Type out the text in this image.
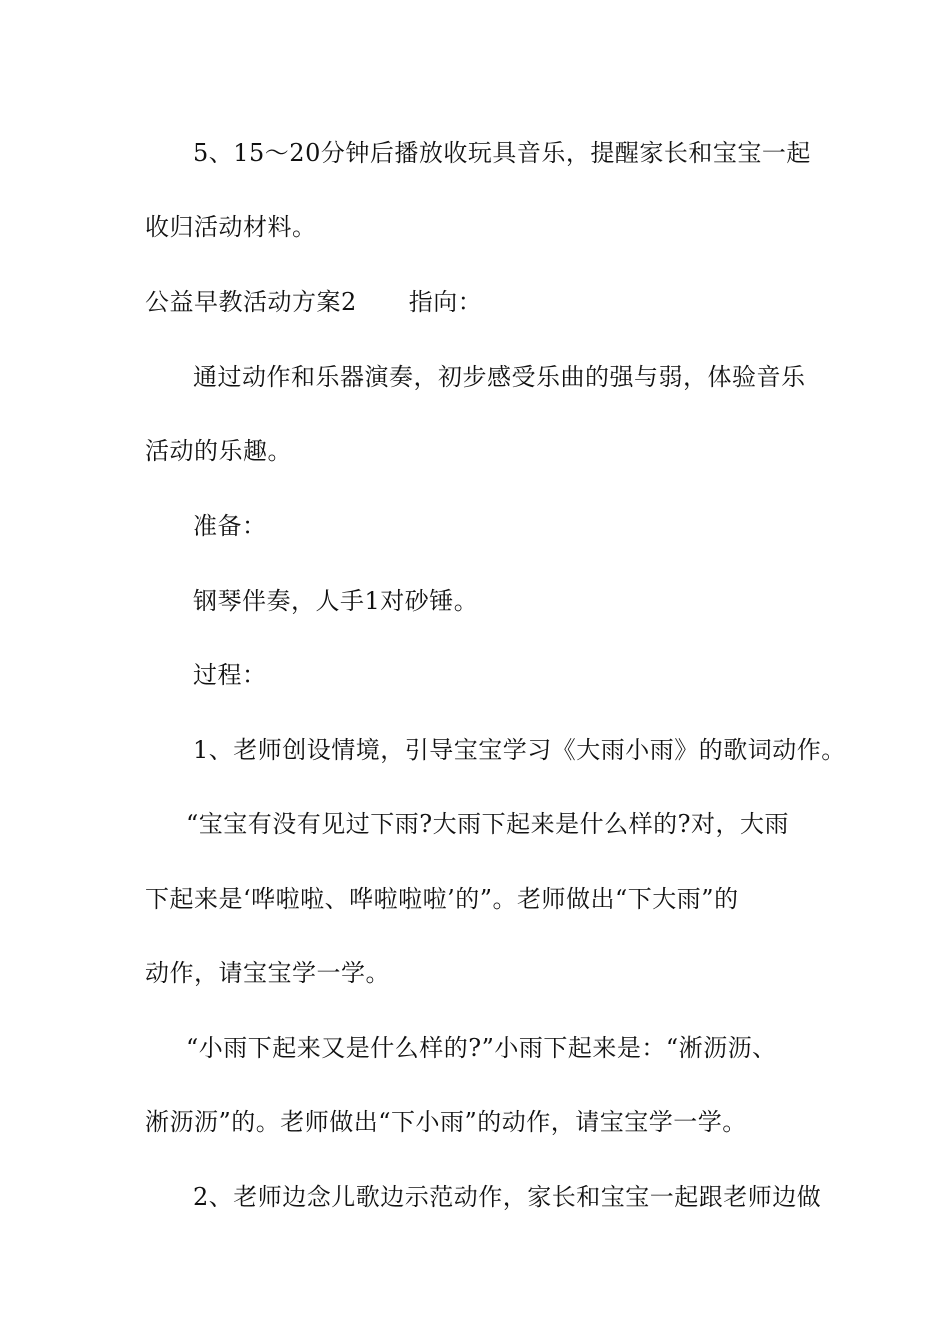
5、15～20分钟后播放收玩具音乐，提醒家长和宝宝一起
收归活动材料。
公益早教活动方案2 指向：
通过动作和乐器演奏，初步感受乐曲的强与弱，体验音乐
活动的乐趣。
准备：
钢琴伴奏，人手1对砂锤。
过程：
1、老师创设情境，引导宝宝学习《大雨小雨》的歌词动作。
“宝宝有没有见过下雨?大雨下起来是什么样的?对，大雨
下起来是‘哗啦啦、哗啦啦啦’的”。老师做出“下大雨”的
动作，请宝宝学一学。
“小雨下起来又是什么样的?”小雨下起来是：“淅沥沥、
淅沥沥”的。老师做出“下小雨”的动作，请宝宝学一学。
2、老师边念儿歌边示范动作，家长和宝宝一起跟老师边做
